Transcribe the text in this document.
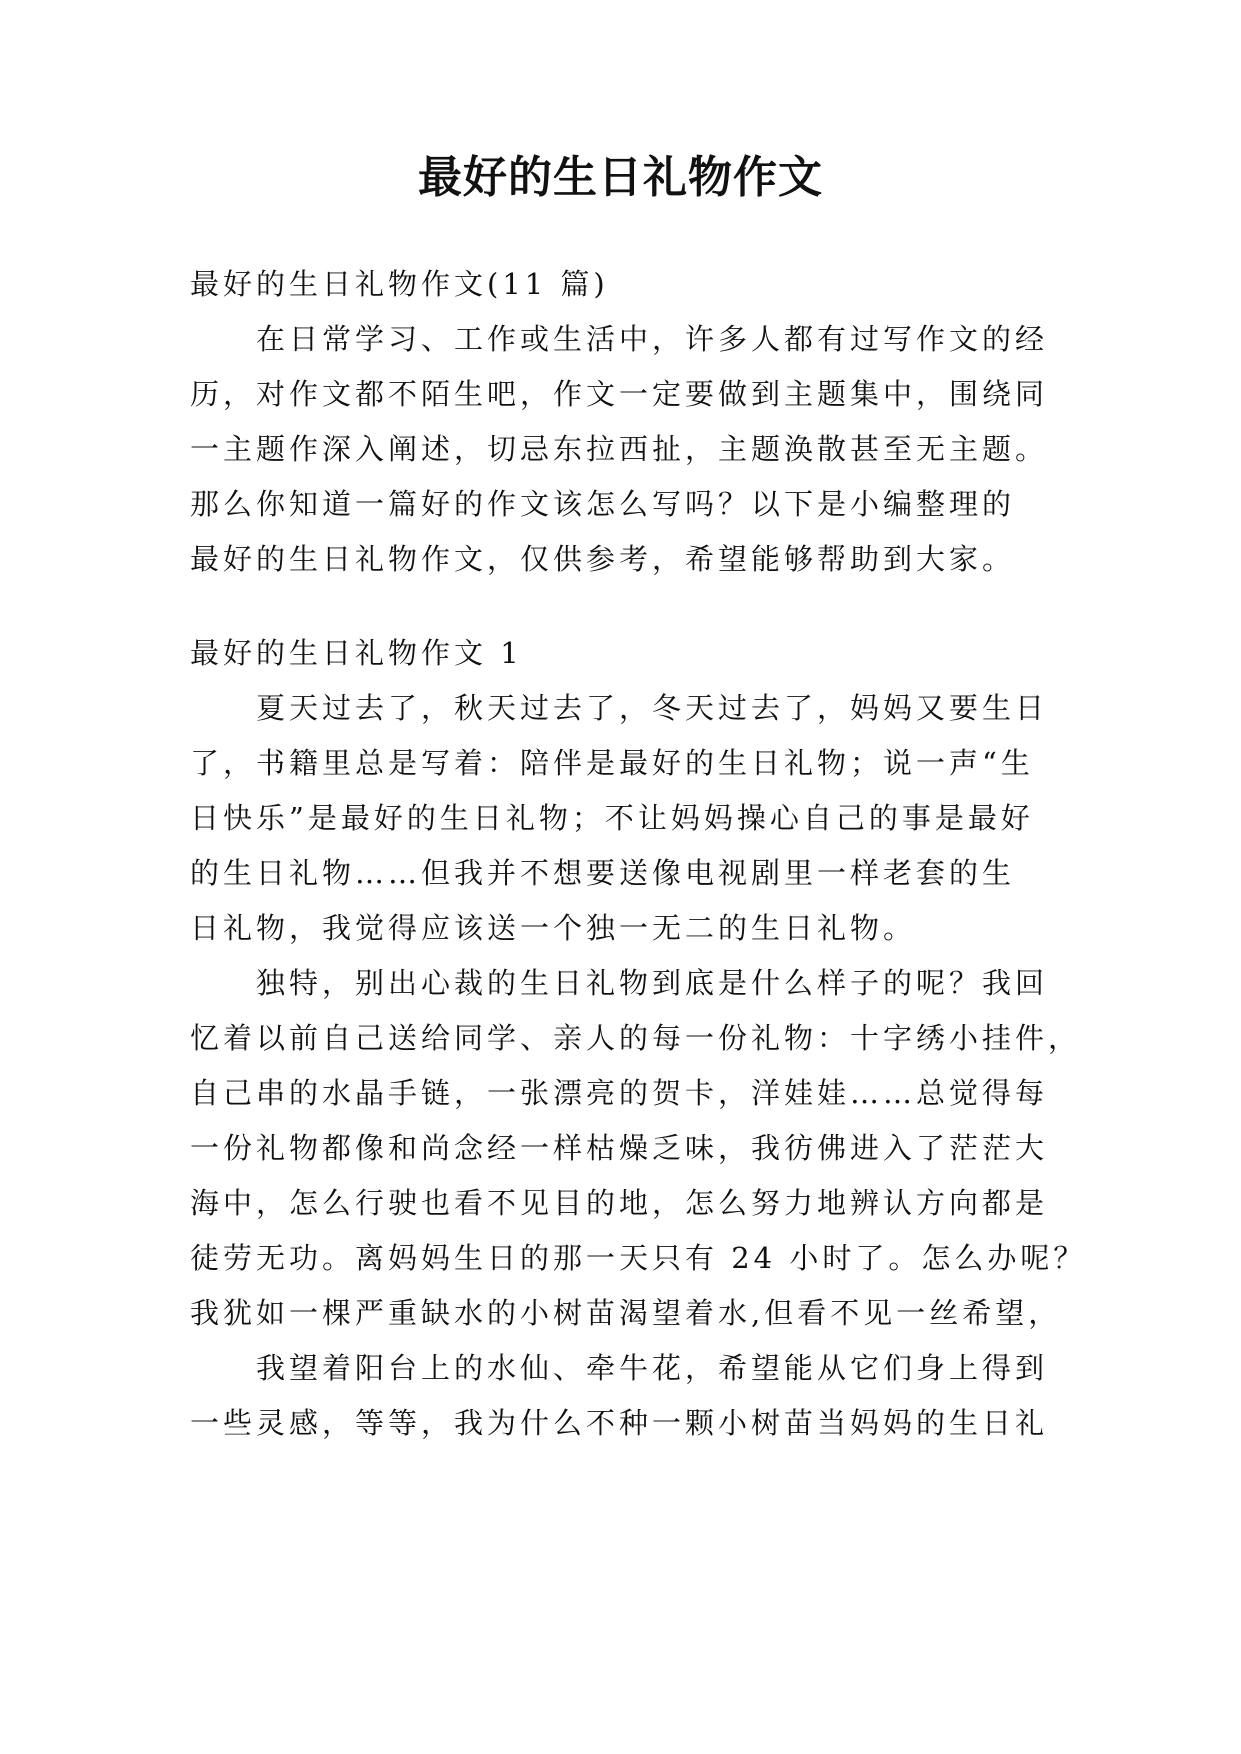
最好的生日礼物作文

最好的生日礼物作文(11 篇)

在日常学习、工作或生活中，许多人都有过写作文的经

历，对作文都不陌生吧，作文一定要做到主题集中，围绕同

一主题作深入阐述，切忌东拉西扯，主题涣散甚至无主题。

那么你知道一篇好的作文该怎么写吗？以下是小编整理的

最好的生日礼物作文，仅供参考，希望能够帮助到大家。

最好的生日礼物作文 1

夏天过去了，秋天过去了，冬天过去了，妈妈又要生日

了，书籍里总是写着：陪伴是最好的生日礼物；说一声“生

日快乐”是最好的生日礼物；不让妈妈操心自己的事是最好

的生日礼物……但我并不想要送像电视剧里一样老套的生

日礼物，我觉得应该送一个独一无二的生日礼物。

独特，别出心裁的生日礼物到底是什么样子的呢？我回

忆着以前自己送给同学、亲人的每一份礼物：十字绣小挂件，

自己串的水晶手链，一张漂亮的贺卡，洋娃娃……总觉得每

一份礼物都像和尚念经一样枯燥乏味，我彷佛进入了茫茫大

海中，怎么行驶也看不见目的地，怎么努力地辨认方向都是

徒劳无功。离妈妈生日的那一天只有 24 小时了。怎么办呢？

我犹如一棵严重缺水的小树苗渴望着水,但看不见一丝希望，

我望着阳台上的水仙、牵牛花，希望能从它们身上得到

一些灵感，等等，我为什么不种一颗小树苗当妈妈的生日礼
